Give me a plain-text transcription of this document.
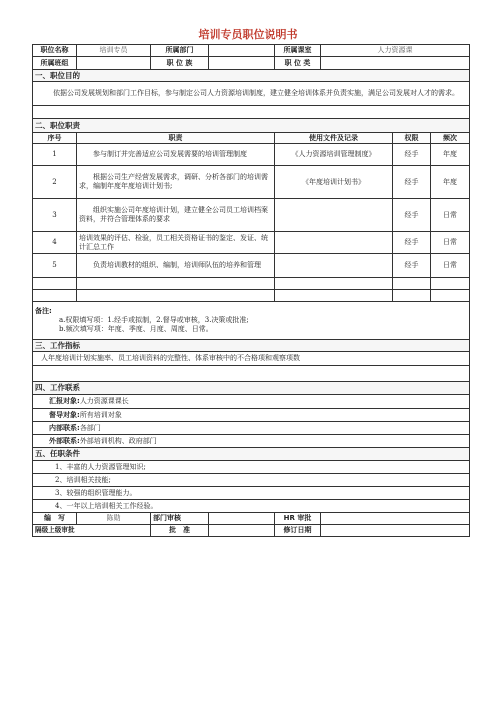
培训专员职位说明书
职位名称	培训专员	所属部门		所属课室	人力资源课		
所属班组		职 位 族		职 位 类			
一、职位目的							
依据公司发展规划和部门工作目标，参与制定公司人力资源培训制度，建立健全培训体系并负责实施，满足公司发展对人才的需求。							

二、职位职责							
序号	职责			使用文件及记录		权限	频次
1	参与制订并完善适应公司发展需要的培训管理制度			《人力资源培训管理制度》		经手	年度
2	根据公司生产经营发展需求，调研、分析各部门的培训需求，编制年度年度培训计划书;			《年度培训计划书》		经手	年度
3	组织实施公司年度培训计划，建立健全公司员工培训档案资料，并符合管理体系的要求					经手	日常
4	培训效果的评估、检验，员工相关资格证书的鉴定、发证、统计汇总工作					经手	日常
5	负责培训教材的组织、编制，培训师队伍的培养和管理					经手	日常

备注:
a.权限填写项：1.经手或拟制，2.督导或审核，3.决策或批准;
b.频次填写项：年度、季度、月度、周度、日常。							

三、工作指标							
人年度培训计划实施率、员工培训资料的完整性、体系审核中的不合格项和观察项数							

四、工作联系							
汇报对象:人力资源课课长							
督导对象:所有培训对象							
内部联系:各部门							
外部联系:外部培训机构、政府部门							
五、任职条件							
1、丰富的人力资源管理知识;							
2、培训相关技能;							
3、较强的组织管理能力。							
4、一年以上培训相关工作经验。							
编　写	陈勋	部门审核		HR 审批			
隔级上级审批		批　准		修订日期			
